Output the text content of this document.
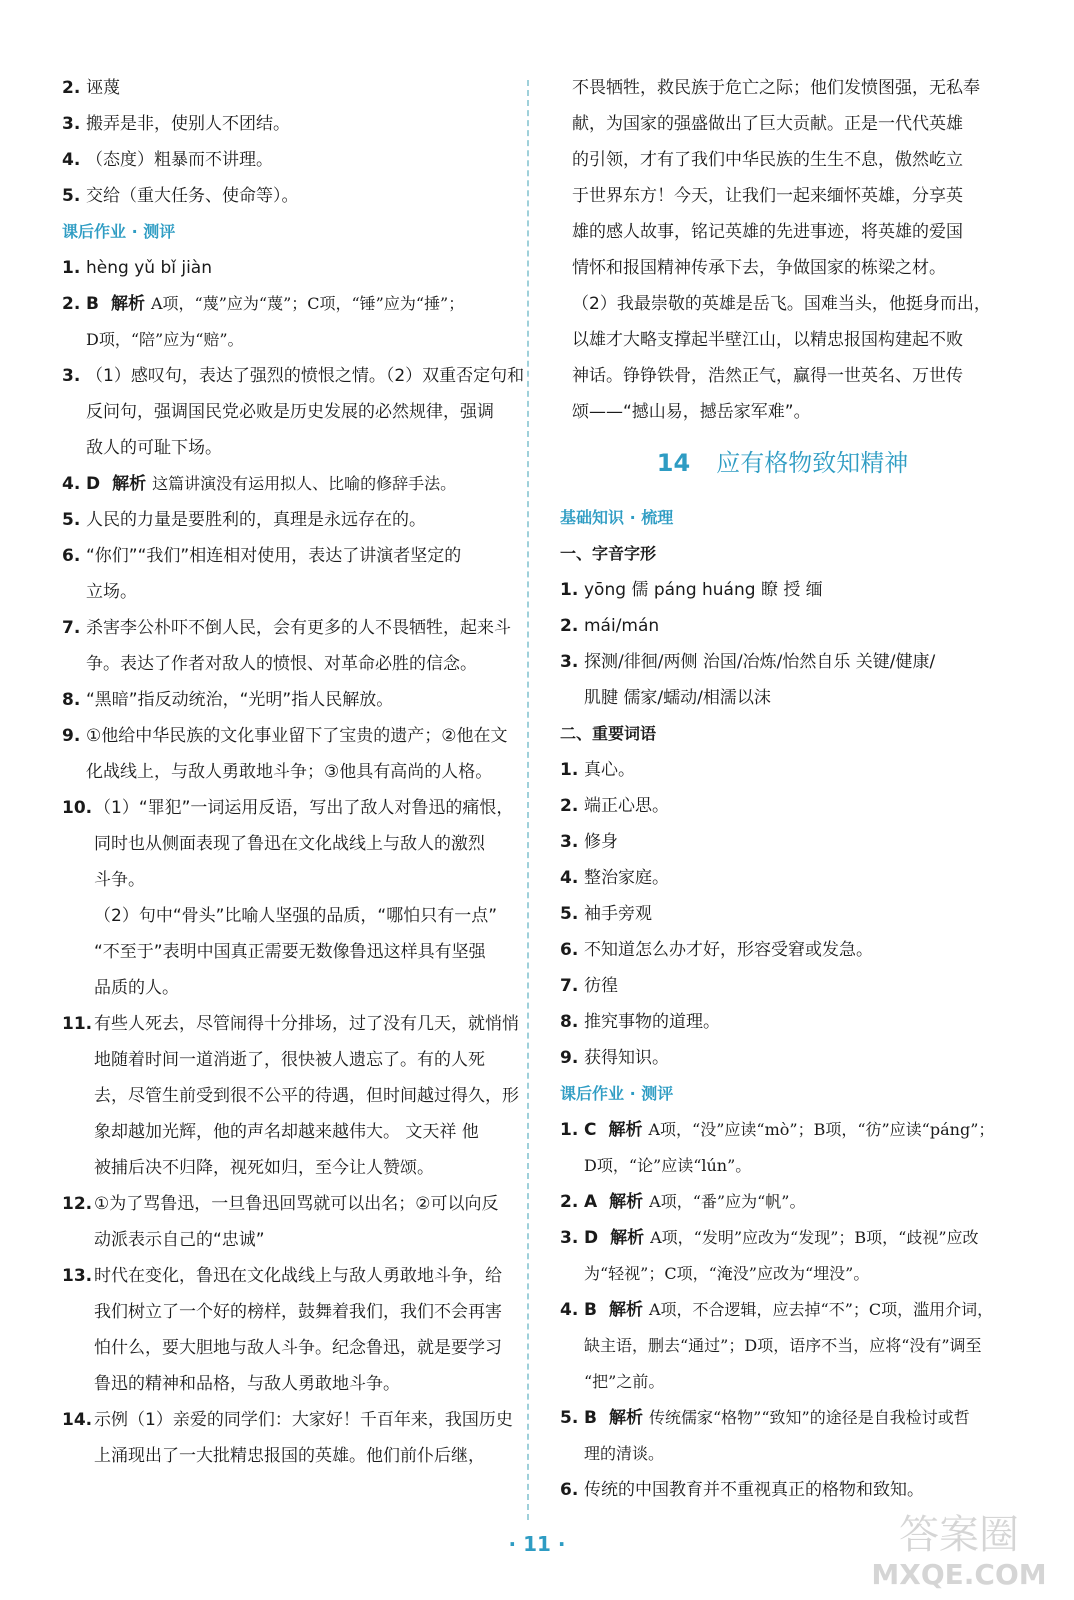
2. 诬蔑
3. 搬弄是非，使别人不团结。
4. （态度）粗暴而不讲理。
5. 交给（重大任务、使命等）。
课后作业 · 测评
1. hèng yǔ bǐ jiàn
2. B 解析 A项，“蔑”应为“蔑”；C项，“锤”应为“捶”；
D项，“陪”应为“赔”。
3. （1）感叹句，表达了强烈的愤恨之情。（2）双重否定句和
反问句，强调国民党必败是历史发展的必然规律，强调
敌人的可耻下场。
4. D 解析 这篇讲演没有运用拟人、比喻的修辞手法。
5. 人民的力量是要胜利的，真理是永远存在的。
6. “你们”“我们”相连相对使用，表达了讲演者坚定的
立场。
7. 杀害李公朴吓不倒人民，会有更多的人不畏牺牲，起来斗
争。表达了作者对敌人的愤恨、对革命必胜的信念。
8. “黑暗”指反动统治，“光明”指人民解放。
9. ①他给中华民族的文化事业留下了宝贵的遗产；②他在文
化战线上，与敌人勇敢地斗争；③他具有高尚的人格。
10. （1）“罪犯”一词运用反语，写出了敌人对鲁迅的痛恨，
同时也从侧面表现了鲁迅在文化战线上与敌人的激烈
斗争。
（2）句中“骨头”比喻人坚强的品质，“哪怕只有一点”
“不至于”表明中国真正需要无数像鲁迅这样具有坚强
品质的人。
11. 有些人死去，尽管闹得十分排场，过了没有几天，就悄悄
地随着时间一道消逝了，很快被人遗忘了。有的人死
去，尽管生前受到很不公平的待遇，但时间越过得久，形
象却越加光辉，他的声名却越来越伟大。 文天祥 他
被捕后决不归降，视死如归，至今让人赞颂。
12. ①为了骂鲁迅，一旦鲁迅回骂就可以出名；②可以向反
动派表示自己的“忠诚”
13. 时代在变化，鲁迅在文化战线上与敌人勇敢地斗争，给
我们树立了一个好的榜样，鼓舞着我们，我们不会再害
怕什么，要大胆地与敌人斗争。纪念鲁迅，就是要学习
鲁迅的精神和品格，与敌人勇敢地斗争。
14. 示例（1）亲爱的同学们：大家好！千百年来，我国历史
上涌现出了一大批精忠报国的英雄。他们前仆后继，
不畏牺牲，救民族于危亡之际；他们发愤图强，无私奉
献，为国家的强盛做出了巨大贡献。正是一代代英雄
的引领，才有了我们中华民族的生生不息，傲然屹立
于世界东方！今天，让我们一起来缅怀英雄，分享英
雄的感人故事，铭记英雄的先进事迹，将英雄的爱国
情怀和报国精神传承下去，争做国家的栋梁之材。
（2）我最崇敬的英雄是岳飞。国难当头，他挺身而出，
以雄才大略支撑起半壁江山，以精忠报国构建起不败
神话。铮铮铁骨，浩然正气，赢得一世英名、万世传
颂——“撼山易，撼岳家军难”。
14 应有格物致知精神
基础知识 · 梳理
一、字音字形
1. yōng 儒 páng huáng 瞭 授 缅
2. mái/mán
3. 探测/徘徊/两侧 治国/冶炼/怡然自乐 关键/健康/
肌腱 儒家/蠕动/相濡以沫
二、重要词语
1. 真心。
2. 端正心思。
3. 修身
4. 整治家庭。
5. 袖手旁观
6. 不知道怎么办才好，形容受窘或发急。
7. 彷徨
8. 推究事物的道理。
9. 获得知识。
课后作业 · 测评
1. C 解析 A项，“没”应读“mò”；B项，“彷”应读“páng”；
D项，“论”应读“lún”。
2. A 解析 A项，“番”应为“帆”。
3. D 解析 A项，“发明”应改为“发现”；B项，“歧视”应改
为“轻视”；C项，“淹没”应改为“埋没”。
4. B 解析 A项，不合逻辑，应去掉“不”；C项，滥用介词，
缺主语，删去“通过”；D项，语序不当，应将“没有”调至
“把”之前。
5. B 解析 传统儒家“格物”“致知”的途径是自我检讨或哲
理的清谈。
6. 传统的中国教育并不重视真正的格物和致知。
· 11 ·	答案圈
MXQE.COM
